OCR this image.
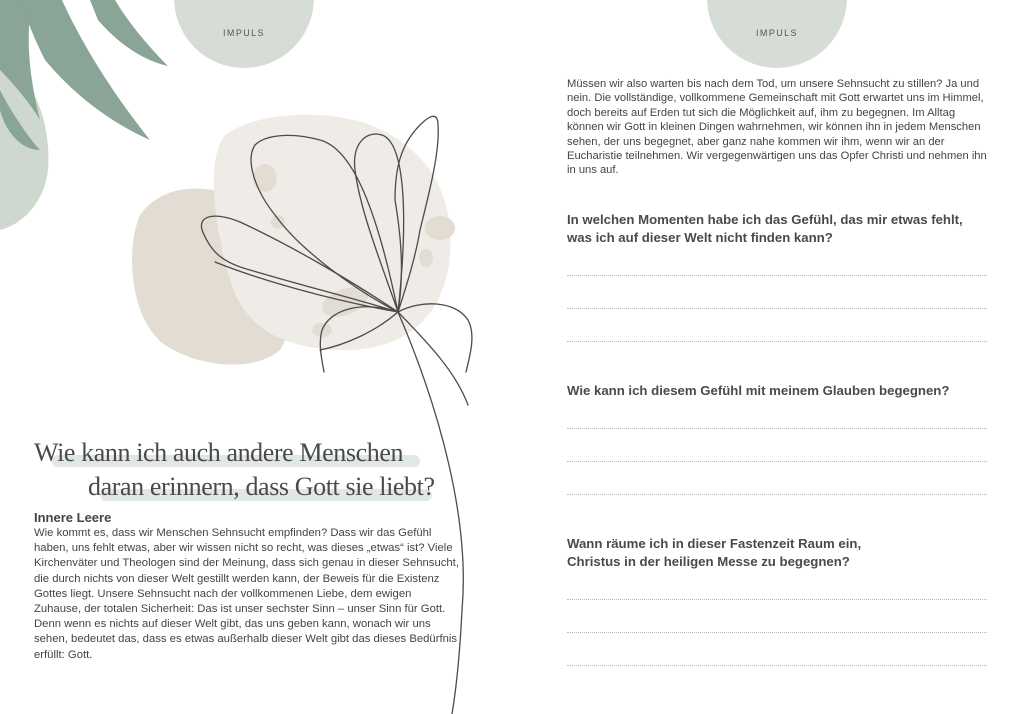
IMPULS
Wie kann ich auch andere Menschen
daran erinnern, dass Gott sie liebt?
Innere Leere
Wie kommt es, dass wir Menschen Sehnsucht empfinden? Dass wir das Gefühl haben, uns fehlt etwas, aber wir wissen nicht so recht, was dieses „etwas“ ist? Viele Kirchenväter und Theologen sind der Meinung, dass sich genau in dieser Sehnsucht, die durch nichts von dieser Welt gestillt werden kann, der Beweis für die Existenz Gottes liegt. Unsere Sehnsucht nach der vollkommenen Liebe, dem ewigen Zuhause, der totalen Sicherheit: Das ist unser sechster Sinn – unser Sinn für Gott.
Denn wenn es nichts auf dieser Welt gibt, das uns geben kann, wonach wir uns sehen, bedeutet das, dass es etwas außerhalb dieser Welt gibt das dieses Bedürfnis erfüllt: Gott.
IMPULS
Müssen wir also warten bis nach dem Tod, um unsere Sehnsucht zu stillen? Ja und nein. Die vollständige, vollkommene Gemeinschaft mit Gott erwartet uns im Himmel, doch bereits auf Erden tut sich die Möglichkeit auf, ihm zu begegnen. Im Alltag können wir Gott in kleinen Dingen wahrnehmen, wir können ihn in jedem Menschen sehen, der uns begegnet, aber ganz nahe kommen wir ihm, wenn wir an der Eucharistie teilnehmen. Wir vergegenwärtigen uns das Opfer Christi und nehmen ihn in uns auf.
In welchen Momenten habe ich das Gefühl, das mir etwas fehlt,
was ich auf dieser Welt nicht finden kann?
Wie kann ich diesem Gefühl mit meinem Glauben begegnen?
Wann räume ich in dieser Fastenzeit Raum ein,
Christus in der heiligen Messe zu begegnen?
